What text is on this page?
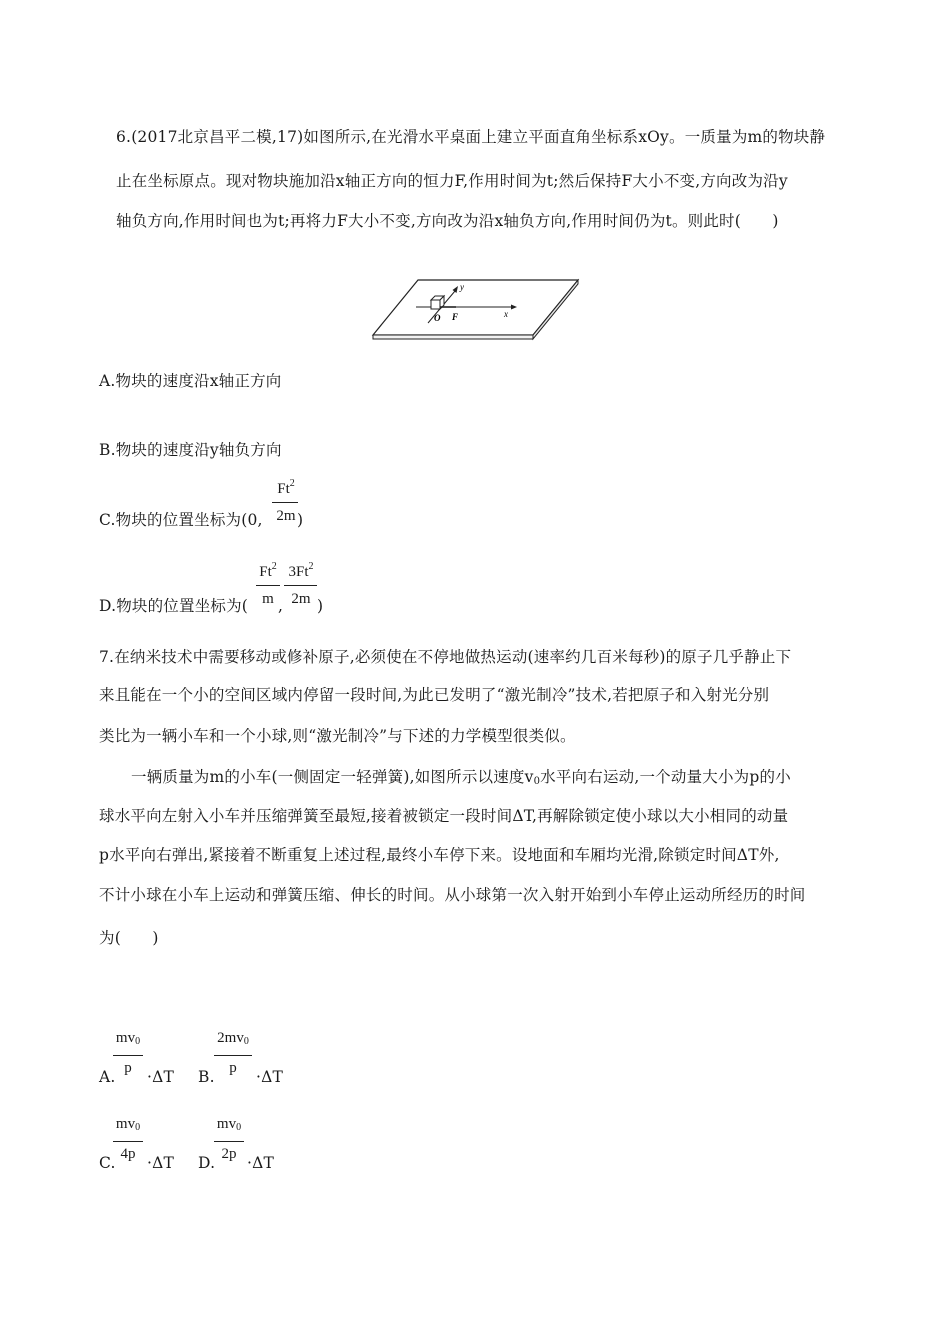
6.(2017北京昌平二模,17)如图所示,在光滑水平桌面上建立平面直角坐标系xOy。一质量为m的物块静
止在坐标原点。现对物块施加沿x轴正方向的恒力F,作用时间为t;然后保持F大小不变,方向改为沿y
轴负方向,作用时间也为t;再将力F大小不变,方向改为沿x轴负方向,作用时间仍为t。则此时(　　)
y
x
O F
A.物块的速度沿x轴正方向
B.物块的速度沿y轴负方向
C.物块的位置坐标为(0,
Ft$^2$
2m )
D.物块的位置坐标为(
Ft$^2$
m ,
3Ft$^2$
2m )
7.在纳米技术中需要移动或修补原子,必须使在不停地做热运动(速率约几百米每秒)的原子几乎静止下
来且能在一个小的空间区域内停留一段时间,为此已发明了“激光制冷”技术,若把原子和入射光分别
类比为一辆小车和一个小球,则“激光制冷”与下述的力学模型很类似。
一辆质量为m的小车(一侧固定一轻弹簧),如图所示以速度$v_0$水平向右运动,一个动量大小为p的小
球水平向左射入小车并压缩弹簧至最短,接着被锁定一段时间ΔT,再解除锁定使小球以大小相同的动量
p水平向右弹出,紧接着不断重复上述过程,最终小车停下来。设地面和车厢均光滑,除锁定时间ΔT外,
不计小球在小车上运动和弹簧压缩、伸长的时间。从小球第一次入射开始到小车停止运动所经历的时间
为(　　)
A.
$mv_0$
p ·ΔT B.
$2mv_0$
p	·ΔT
C.
$mv_0$
4p ·ΔT D.
$mv_0$
2p ·ΔT
